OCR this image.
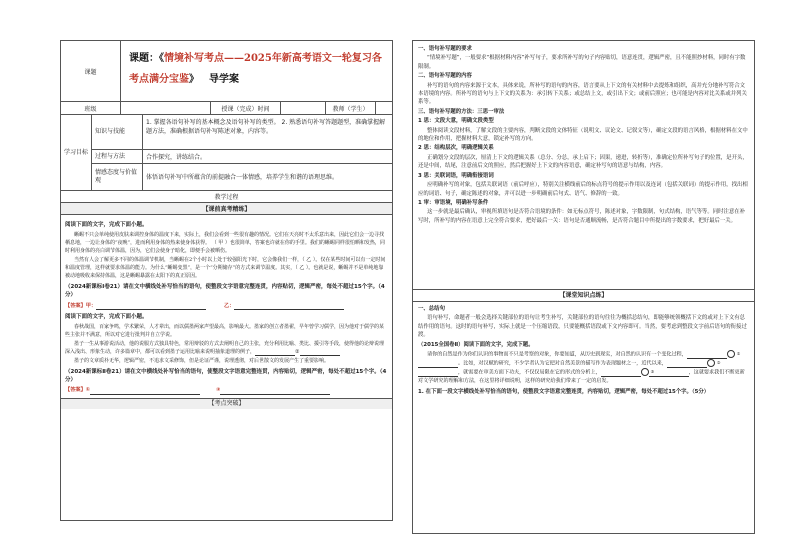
课题
课题：《情境补写考点——2025年新高考语文一轮复习各考点满分宝鉴》 导学案
班级	授课（完成）时间	教师（学生）
学习目标
知识与技能
1. 掌握各语句补写的基本概念及语句补写的类型。 2. 熟悉语句补写答题题型，准确掌握解题方法，准确根据语句补写陈述对象，内容等。
过程与方法	合作探究，讲练结合。
情感态度与价值观	体悟语句补写中所蕴含的前提融合一体情感，培养学生和谐的语理思维。
教学过程
【课前真考精练】

阅读下面的文字，完成下面小题。

蜥蜴不只会单纯使用皮肤来调控身体的温度下来，实际上，我们会看到一些很有趣的情况。它们在天亮时不太乐意出来，因此它们会一边寻找栖息地，一边让身体的“夜晚”，进而利用身体的热来使身体获得。 （ 甲 ）也很简单，答案也许就在你的手里。我们的蜥蜴同样很怕晒和发热，同时利用身体的亮白调节体温，因为，它们会使身子暗化，即便手会被晒伤。

当然有人会了解更多不同的体温调节机制，当蜥蜴在2个小时以上处于较强阳光下时，它会像我们一样，（ 乙 ）。仅在某些时间可以有一定时间和温度管理，这样就要求体温的能力。为什么“蜥蜴变黑”，是一个“分期储存”的方式来调节温度。其实，（ 乙 ）。也就是说，蜥蜴并不是单纯地靠被动地吸收来保持体温，这是蜥蜴暴露在太阳下的真正原因。

（2024新课标Ⅰ卷21）请在文中横线处补写恰当的语句，使整段文字语意完整连贯，内容贴切，逻辑严密，每处不超过15个字。（4分）

【答案】甲：	乙：

阅读下面的文字，完成下面小题。

春秋战国，百家争鸣，学术繁荣，人才辈出，而以儒墨两家声望最高，影响最大。墨家的创立者墨翟，早年曾学习儒学，因为他对于儒学的某些主张并不满意，所以对它进行批判并自立学说。

墨子一生从事游说活动，他的说服方式独具特色，常用辩驳的方式去阐明自己的主张，充分利用比喻、类比、援引等手段，使得他的论辩说理深入浅出、形象生动，许多篇章中，都可以看到墨子运用比喻来说明抽象道理的例子，	②

墨子的文章质朴无华，逻辑严密，不追求文采修饰，但是论证严谨，说理透彻，对后世散文的发展产生了重要影响。

（2024新课标Ⅱ卷21）请在文中横线处补写恰当的语句，使整段文字语意完整连贯，内容贴切，逻辑严密，每处不超过15个字。（4分）

【答案】①	②

【考点突破】

一、语句补写题的要求

“情境补写题”，一般要求“根据材料内容”补写句子，要求所补写的句子内容贴切，语意连贯，逻辑严密，且不能照抄材料，同时有字数限制。

二、语句补写题的内容

补写的语句的内容来源于文本，具体来说，所补写的语句的内容，语言要从上下文的有关材料中去提炼和组织，高并充分地补写符合文本语境的内容。所补写的语句与上下文的关系为：承引转下关系；或总结上文，或引出下文；或前后照应；也可能是内容对比关系或并列关系等。

三、语句补写题的方法：三思一审法

1 思：文段大意，明确文段类型

整体阅读文段材料，了解文段的主要内容，判断文段的文体特征（说明文、议论文、记叙文等），确定文段的语言风格，根据材料在文中的地位和作用，把握材料大意，锁定补写的方向。

2 思：结构层次，明确逻辑关系

正确划分文段的层次，厘清上下文的逻辑关系（总分、分总，承上启下；因果，递进，转折等），准确定位所补写句子的位置，是开头，还是中间，结尾，注意前后文的照应，然后把握好上下文的内容语意，确定补写句的语意与结构，内容。

3 思：关联词语，明确衔接语词

应明确补写的对象，包括关联词语（前后呼应），特别关注横线前后的标点符号的提示作用以及连词（包括关联词）的提示作用，找出相应的词语、句子，确定陈述的对象，并可以进一步明确前后句式、语气、修辞的一致。

1 审：审语境，明确补写条件

这一步就是最后确认，审视所填语句是否符合语境的条件：如无标点符号，陈述对象，字数限制，句式结构，语气等等。同时注意在补写时，所补写的内容在语意上完全符合要求，把好最后一关：语句是否通顺流畅，是否符合题目中所提出的字数要求，把好最后一关。

【课堂知识点练】

一、总结句

语句补写，命题者一般会选择关键部位的语句让考生补写，关键部位的语句往往为概括总结句，即能够统领概括下文的或对上下文有总结作用的语句。这时的语句补写，实际上就是一个压缩语段，只要能概括语段或下文内容即可。当然，要考虑到整段文字前后语句的衔接过渡。

（2015全国卷Ⅱ）阅读下面的文字，完成下题。

请你的自然是作为你们认识的事物而不只是考察的对象，你要知道，从历史到现实，对自然的认识有一个变化过程，	①。比如，对汉赋的研究，不少学者认为它把对自然美景的描写作为表现题材之一，近代以来，	②，就需要在审美方面下功夫，不仅仅局限在它的形式的分析上，	③	，这就要求我们不断更新对文学研究的理解和方法，在这里将详细说明，这样的研究给我们带来了一定的启发。

1. 在下面一段文字横线处补写恰当的语句，使整段文字语意完整连贯，内容贴切，逻辑严密，每处不超过15个字。（5分）
